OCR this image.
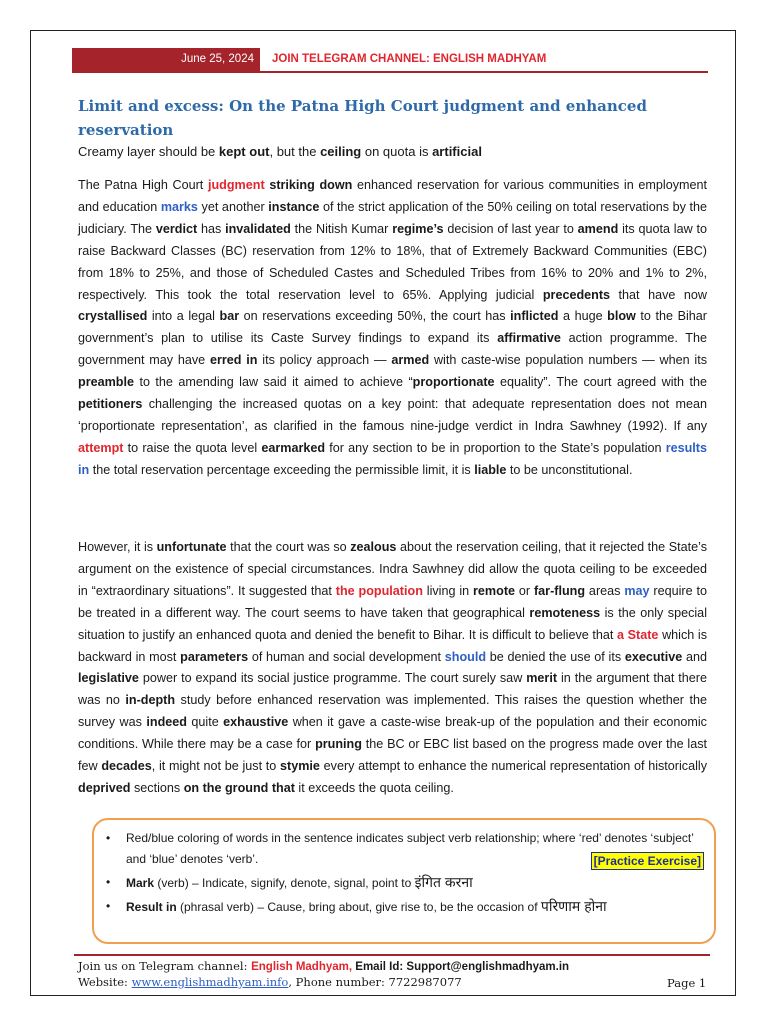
June 25, 2024 JOIN TELEGRAM CHANNEL: ENGLISH MADHYAM
Limit and excess: On the Patna High Court judgment and enhanced reservation
Creamy layer should be kept out, but the ceiling on quota is artificial

The Patna High Court judgment striking down enhanced reservation for various communities in employment and education marks yet another instance of the strict application of the 50% ceiling on total reservations by the judiciary. The verdict has invalidated the Nitish Kumar regime’s decision of last year to amend its quota law to raise Backward Classes (BC) reservation from 12% to 18%, that of Extremely Backward Communities (EBC) from 18% to 25%, and those of Scheduled Castes and Scheduled Tribes from 16% to 20% and 1% to 2%, respectively. This took the total reservation level to 65%. Applying judicial precedents that have now crystallised into a legal bar on reservations exceeding 50%, the court has inflicted a huge blow to the Bihar government’s plan to utilise its Caste Survey findings to expand its affirmative action programme. The government may have erred in its policy approach — armed with caste-wise population numbers — when its preamble to the amending law said it aimed to achieve “proportionate equality”. The court agreed with the petitioners challenging the increased quotas on a key point: that adequate representation does not mean ‘proportionate representation’, as clarified in the famous nine-judge verdict in Indra Sawhney (1992). If any attempt to raise the quota level earmarked for any section to be in proportion to the State’s population results in the total reservation percentage exceeding the permissible limit, it is liable to be unconstitutional.

However, it is unfortunate that the court was so zealous about the reservation ceiling, that it rejected the State’s argument on the existence of special circumstances. Indra Sawhney did allow the quota ceiling to be exceeded in “extraordinary situations”. It suggested that the population living in remote or far-flung areas may require to be treated in a different way. The court seems to have taken that geographical remoteness is the only special situation to justify an enhanced quota and denied the benefit to Bihar. It is difficult to believe that a State which is backward in most parameters of human and social development should be denied the use of its executive and legislative power to expand its social justice programme. The court surely saw merit in the argument that there was no in-depth study before enhanced reservation was implemented. This raises the question whether the survey was indeed quite exhaustive when it gave a caste-wise break-up of the population and their economic conditions. While there may be a case for pruning the BC or EBC list based on the progress made over the last few decades, it might not be just to stymie every attempt to enhance the numerical representation of historically deprived sections on the ground that it exceeds the quota ceiling.

• Red/blue coloring of words in the sentence indicates subject verb relationship; where ‘red’ denotes ‘subject’ and ‘blue’ denotes ‘verb’.	[Practice Exercise]
• Mark (verb) – Indicate, signify, denote, signal, point to इंगित करना
• Result in (phrasal verb) – Cause, bring about, give rise to, be the occasion of परिणाम होना
Join us on Telegram channel: English Madhyam, Email Id: Support@englishmadhyam.in
Website: www.englishmadhyam.info, Phone number: 7722987077	Page 1
